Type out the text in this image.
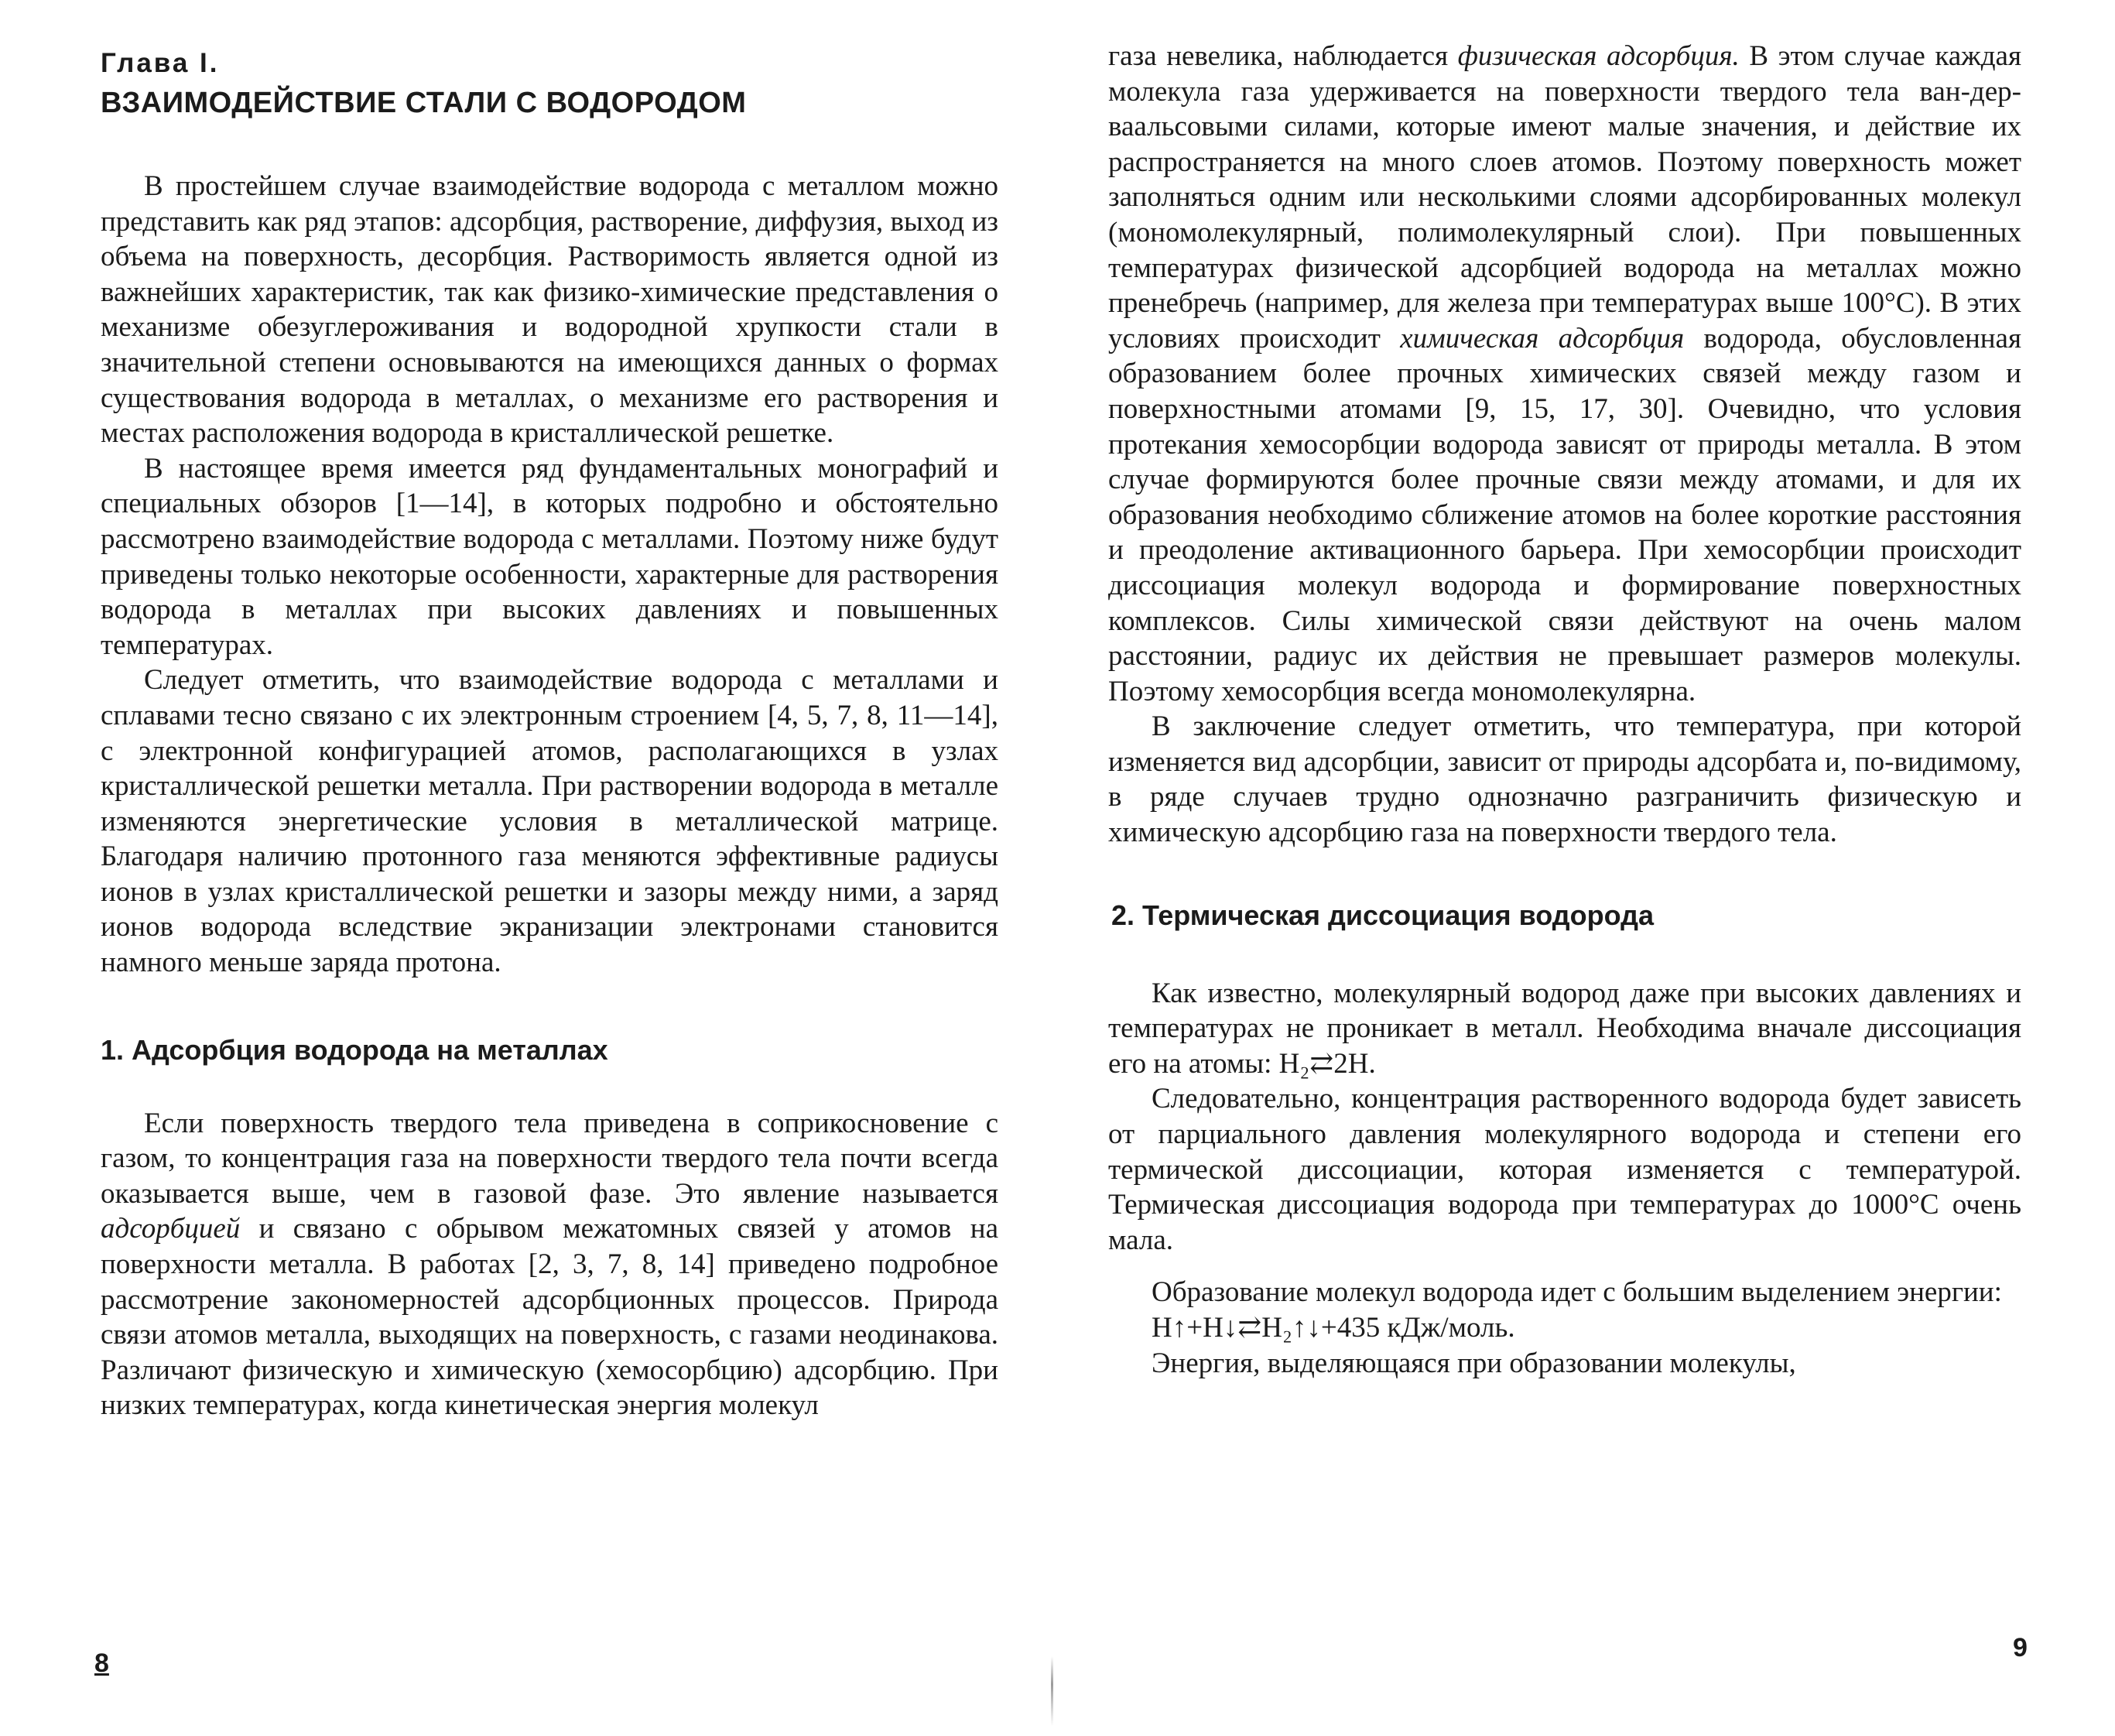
Глава I.
ВЗАИМОДЕЙСТВИЕ СТАЛИ С ВОДОРОДОМ

В простейшем случае взаимодействие водорода с металлом можно представить как ряд этапов: адсорбция, растворение, диффузия, выход из объема на поверхность, десорбция. Растворимость является одной из важнейших характеристик, так как физико-химические представления о механизме обезуглероживания и водородной хрупкости стали в значительной степени основываются на имеющихся данных о формах существования водорода в металлах, о механизме его растворения и местах расположения водорода в кристаллической решетке.

В настоящее время имеется ряд фундаментальных монографий и специальных обзоров [1—14], в которых подробно и обстоятельно рассмотрено взаимодействие водорода с металлами. Поэтому ниже будут приведены только некоторые особенности, характерные для растворения водорода в металлах при высоких давлениях и повышенных температурах.

Следует отметить, что взаимодействие водорода с металлами и сплавами тесно связано с их электронным строением [4, 5, 7, 8, 11—14], с электронной конфигурацией атомов, располагающихся в узлах кристаллической решетки металла. При растворении водорода в металле изменяются энергетические условия в металлической матрице. Благодаря наличию протонного газа меняются эффективные радиусы ионов в узлах кристаллической решетки и зазоры между ними, а заряд ионов водорода вследствие экранизации электронами становится намного меньше заряда протона.

1. Адсорбция водорода на металлах

Если поверхность твердого тела приведена в соприкосновение с газом, то концентрация газа на поверхности твердого тела почти всегда оказывается выше, чем в газовой фазе. Это явление называется адсорбцией и связано с обрывом межатомных связей у атомов на поверхности металла. В работах [2, 3, 7, 8, 14] приведено подробное рассмотрение закономерностей адсорбционных процессов. Природа связи атомов металла, выходящих на поверхность, с газами неодинакова. Различают физическую и химическую (хемосорбцию) адсорбцию. При низких температурах, когда кинетическая энергия молекул

8

газа невелика, наблюдается физическая адсорбция. В этом случае каждая молекула газа удерживается на поверхности твердого тела ван-дер-ваальсовыми силами, которые имеют малые значения, и действие их распространяется на много слоев атомов. Поэтому поверхность может заполняться одним или несколькими слоями адсорбированных молекул (мономолекулярный, полимолекулярный слои). При повышенных температурах физической адсорбцией водорода на металлах можно пренебречь (например, для железа при температурах выше 100°С). В этих условиях происходит химическая адсорбция водорода, обусловленная образованием более прочных химических связей между газом и поверхностными атомами [9, 15, 17, 30]. Очевидно, что условия протекания хемосорбции водорода зависят от природы металла. В этом случае формируются более прочные связи между атомами, и для их образования необходимо сближение атомов на более короткие расстояния и преодоление активационного барьера. При хемосорбции происходит диссоциация молекул водорода и формирование поверхностных комплексов. Силы химической связи действуют на очень малом расстоянии, радиус их действия не превышает размеров молекулы. Поэтому хемосорбция всегда мономолекулярна.

В заключение следует отметить, что температура, при которой изменяется вид адсорбции, зависит от природы адсорбата и, по-видимому, в ряде случаев трудно однозначно разграничить физическую и химическую адсорбцию газа на поверхности твердого тела.

2. Термическая диссоциация водорода

Как известно, молекулярный водород даже при высоких давлениях и температурах не проникает в металл. Необходима вначале диссоциация его на атомы: H₂⇄2H.

Следовательно, концентрация растворенного водорода будет зависеть от парциального давления молекулярного водорода и степени его термической диссоциации, которая изменяется с температурой. Термическая диссоциация водорода при температурах до 1000°С очень мала.

Образование молекул водорода идет с большим выделением энергии:

H↑+H↓⇄H₂↑↓+435 кДж/моль.

Энергия, выделяющаяся при образовании молекулы,

9
